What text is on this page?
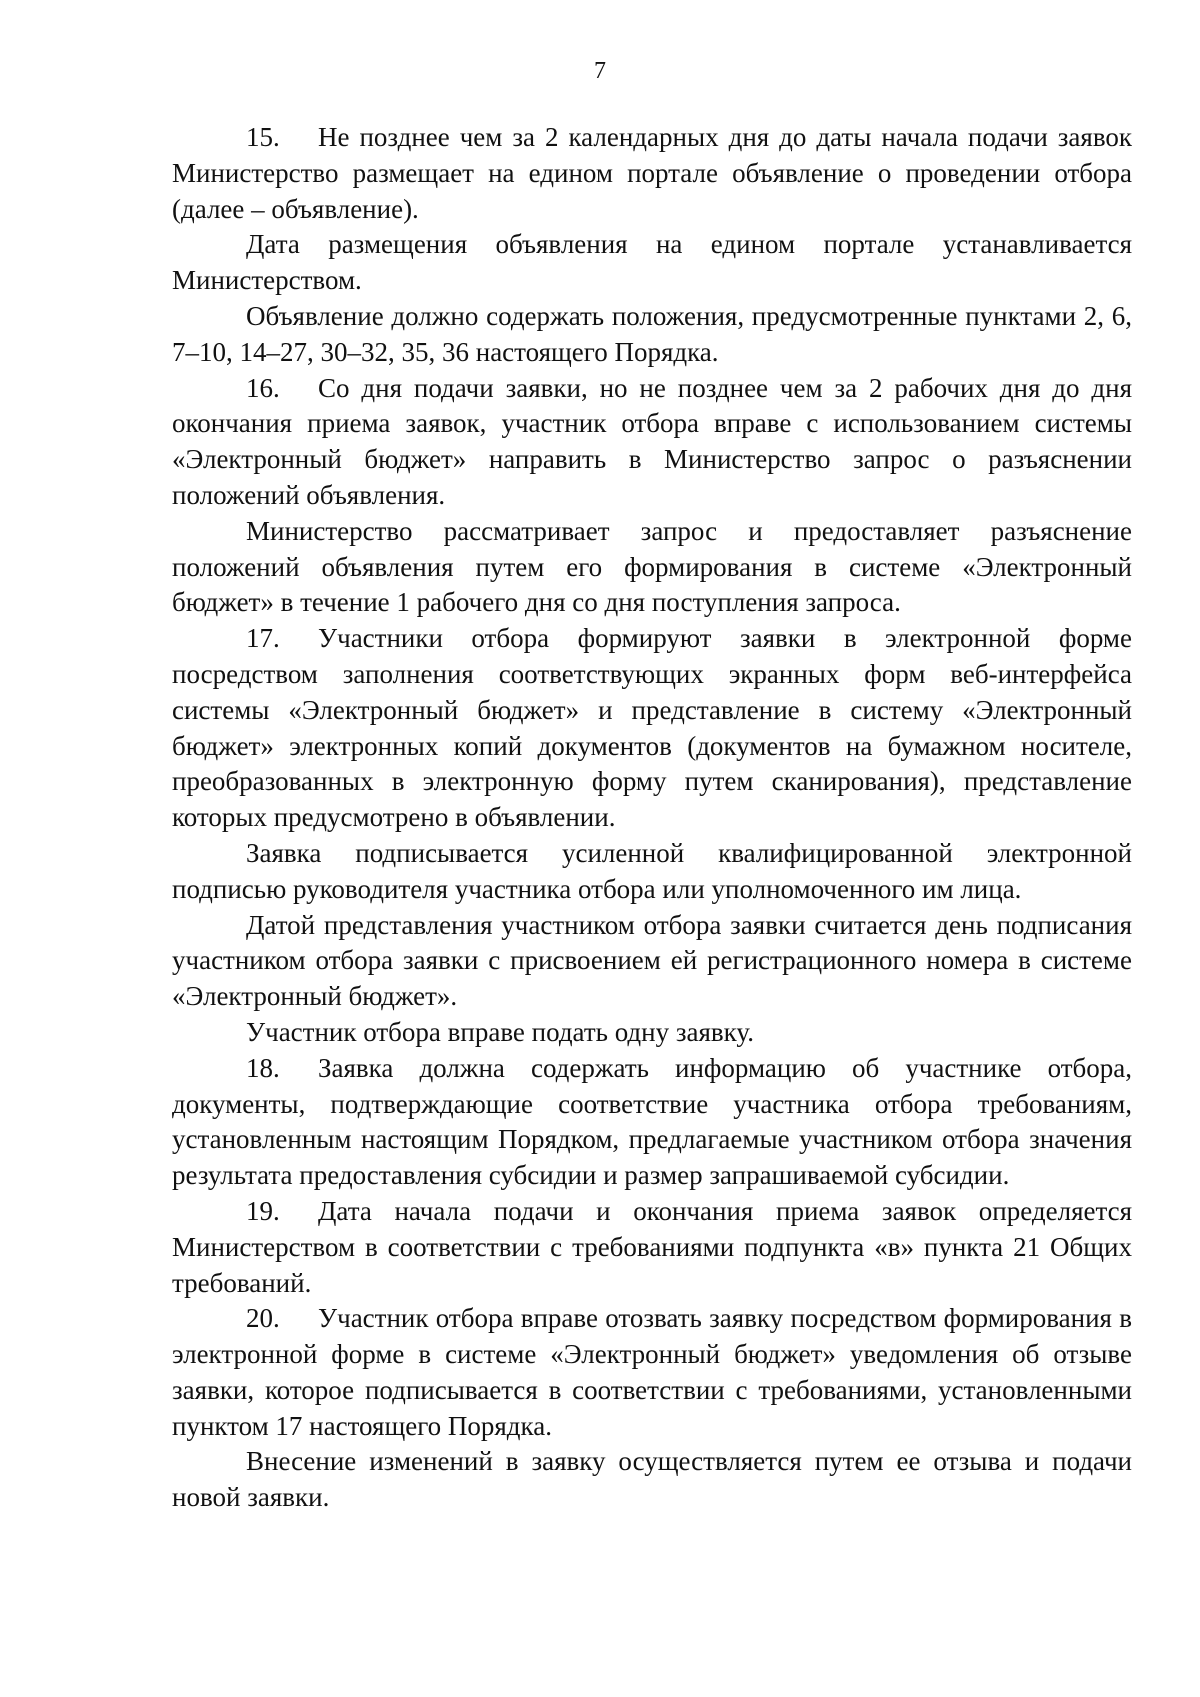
7

15. Не позднее чем за 2 календарных дня до даты начала подачи заявок Министерство размещает на едином портале объявление о проведении отбора (далее – объявление).

Дата размещения объявления на едином портале устанавливается Министерством.

Объявление должно содержать положения, предусмотренные пунктами 2, 6, 7–10, 14–27, 30–32, 35, 36 настоящего Порядка.

16. Со дня подачи заявки, но не позднее чем за 2 рабочих дня до дня окончания приема заявок, участник отбора вправе с использованием системы «Электронный бюджет» направить в Министерство запрос о разъяснении положений объявления.

Министерство рассматривает запрос и предоставляет разъяснение положений объявления путем его формирования в системе «Электронный бюджет» в течение 1 рабочего дня со дня поступления запроса.

17. Участники отбора формируют заявки в электронной форме посредством заполнения соответствующих экранных форм веб-интерфейса системы «Электронный бюджет» и представление в систему «Электронный бюджет» электронных копий документов (документов на бумажном носителе, преобразованных в электронную форму путем сканирования), представление которых предусмотрено в объявлении.

Заявка подписывается усиленной квалифицированной электронной подписью руководителя участника отбора или уполномоченного им лица.

Датой представления участником отбора заявки считается день подписания участником отбора заявки с присвоением ей регистрационного номера в системе «Электронный бюджет».

Участник отбора вправе подать одну заявку.

18. Заявка должна содержать информацию об участнике отбора, документы, подтверждающие соответствие участника отбора требованиям, установленным настоящим Порядком, предлагаемые участником отбора значения результата предоставления субсидии и размер запрашиваемой субсидии.

19. Дата начала подачи и окончания приема заявок определяется Министерством в соответствии с требованиями подпункта «в» пункта 21 Общих требований.

20. Участник отбора вправе отозвать заявку посредством формирования в электронной форме в системе «Электронный бюджет» уведомления об отзыве заявки, которое подписывается в соответствии с требованиями, установленными пунктом 17 настоящего Порядка.

Внесение изменений в заявку осуществляется путем ее отзыва и подачи новой заявки.
